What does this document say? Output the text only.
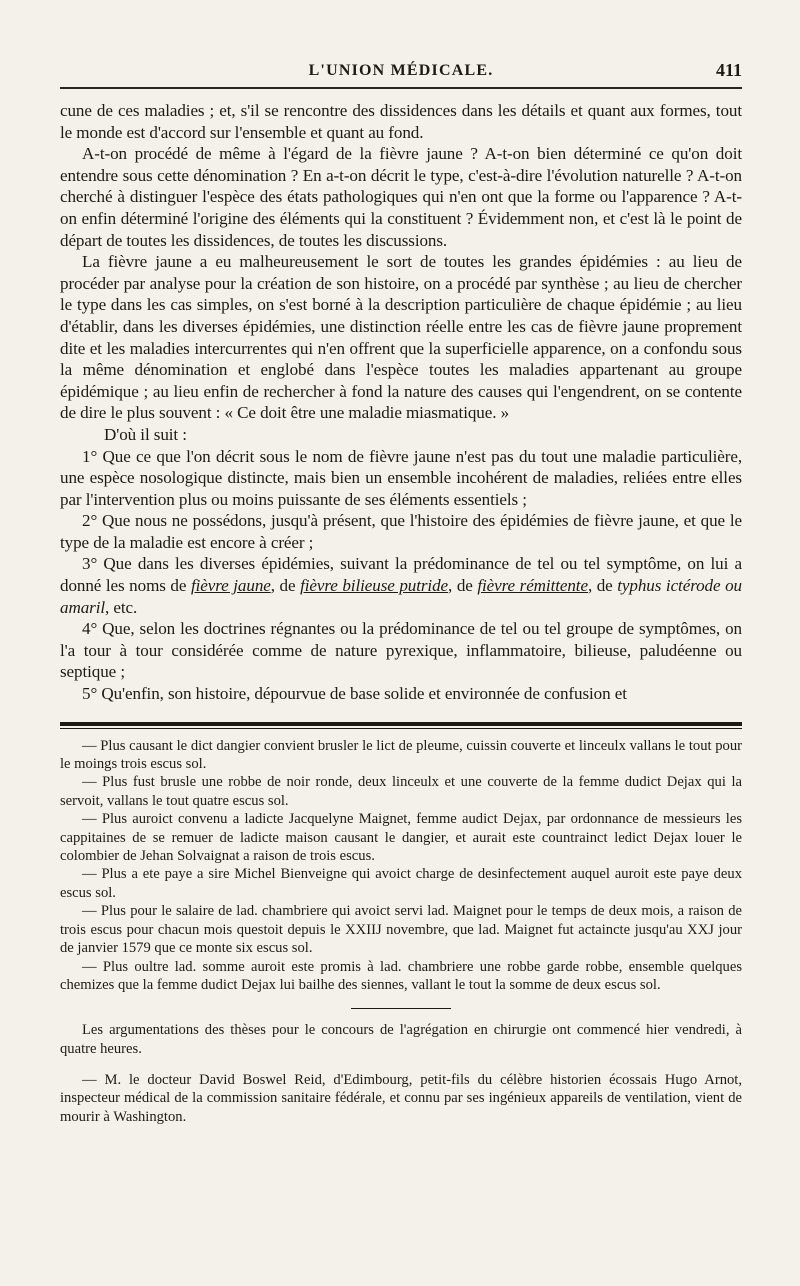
L'UNION MÉDICALE.	411

cune de ces maladies ; et, s'il se rencontre des dissidences dans les détails et quant aux formes, tout le monde est d'accord sur l'ensemble et quant au fond.

A-t-on procédé de même à l'égard de la fièvre jaune ? A-t-on bien déterminé ce qu'on doit entendre sous cette dénomination ? En a-t-on décrit le type, c'est-à-dire l'évolution naturelle ? A-t-on cherché à distinguer l'espèce des états pathologiques qui n'en ont que la forme ou l'apparence ? A-t-on enfin déterminé l'origine des éléments qui la constituent ? Évidemment non, et c'est là le point de départ de toutes les dissidences, de toutes les discussions.

La fièvre jaune a eu malheureusement le sort de toutes les grandes épidémies : au lieu de procéder par analyse pour la création de son histoire, on a procédé par synthèse ; au lieu de chercher le type dans les cas simples, on s'est borné à la description particulière de chaque épidémie ; au lieu d'établir, dans les diverses épidémies, une distinction réelle entre les cas de fièvre jaune proprement dite et les maladies intercurrentes qui n'en offrent que la superficielle apparence, on a confondu sous la même dénomination et englobé dans l'espèce toutes les maladies appartenant au groupe épidémique ; au lieu enfin de rechercher à fond la nature des causes qui l'engendrent, on se contente de dire le plus souvent : « Ce doit être une maladie miasmatique. »

D'où il suit :

1° Que ce que l'on décrit sous le nom de fièvre jaune n'est pas du tout une maladie particulière, une espèce nosologique distincte, mais bien un ensemble incohérent de maladies, reliées entre elles par l'intervention plus ou moins puissante de ses éléments essentiels ;

2° Que nous ne possédons, jusqu'à présent, que l'histoire des épidémies de fièvre jaune, et que le type de la maladie est encore à créer ;

3° Que dans les diverses épidémies, suivant la prédominance de tel ou tel symptôme, on lui a donné les noms de fièvre jaune, de fièvre bilieuse putride, de fièvre rémittente, de typhus ictérode ou amaril, etc.

4° Que, selon les doctrines régnantes ou la prédominance de tel ou tel groupe de symptômes, on l'a tour à tour considérée comme de nature pyrexique, inflammatoire, bilieuse, paludéenne ou septique ;

5° Qu'enfin, son histoire, dépourvue de base solide et environnée de confusion et

— Plus causant le dict dangier convient brusler le lict de pleume, cuissin couverte et linceulx vallans le tout pour le moings trois escus sol.

— Plus fust brusle une robbe de noir ronde, deux linceulx et une couverte de la femme dudict Dejax qui la servoit, vallans le tout quatre escus sol.

— Plus auroict convenu a ladicte Jacquelyne Maignet, femme audict Dejax, par ordonnance de messieurs les cappitaines de se remuer de ladicte maison causant le dangier, et aurait este countrainct ledict Dejax louer le colombier de Jehan Solvaignat a raison de trois escus.

— Plus a ete paye a sire Michel Bienveigne qui avoict charge de desinfectement auquel auroit este paye deux escus sol.

— Plus pour le salaire de lad. chambriere qui avoict servi lad. Maignet pour le temps de deux mois, a raison de trois escus pour chacun mois questoit depuis le XXIIJ novembre, que lad. Maignet fut actaincte jusqu'au XXJ jour de janvier 1579 que ce monte six escus sol.

— Plus oultre lad. somme auroit este promis à lad. chambriere une robbe garde robbe, ensemble quelques chemizes que la femme dudict Dejax lui bailhe des siennes, vallant le tout la somme de deux escus sol.

Les argumentations des thèses pour le concours de l'agrégation en chirurgie ont commencé hier vendredi, à quatre heures.

— M. le docteur David Boswel Reid, d'Edimbourg, petit-fils du célèbre historien écossais Hugo Arnot, inspecteur médical de la commission sanitaire fédérale, et connu par ses ingénieux appareils de ventilation, vient de mourir à Washington.
